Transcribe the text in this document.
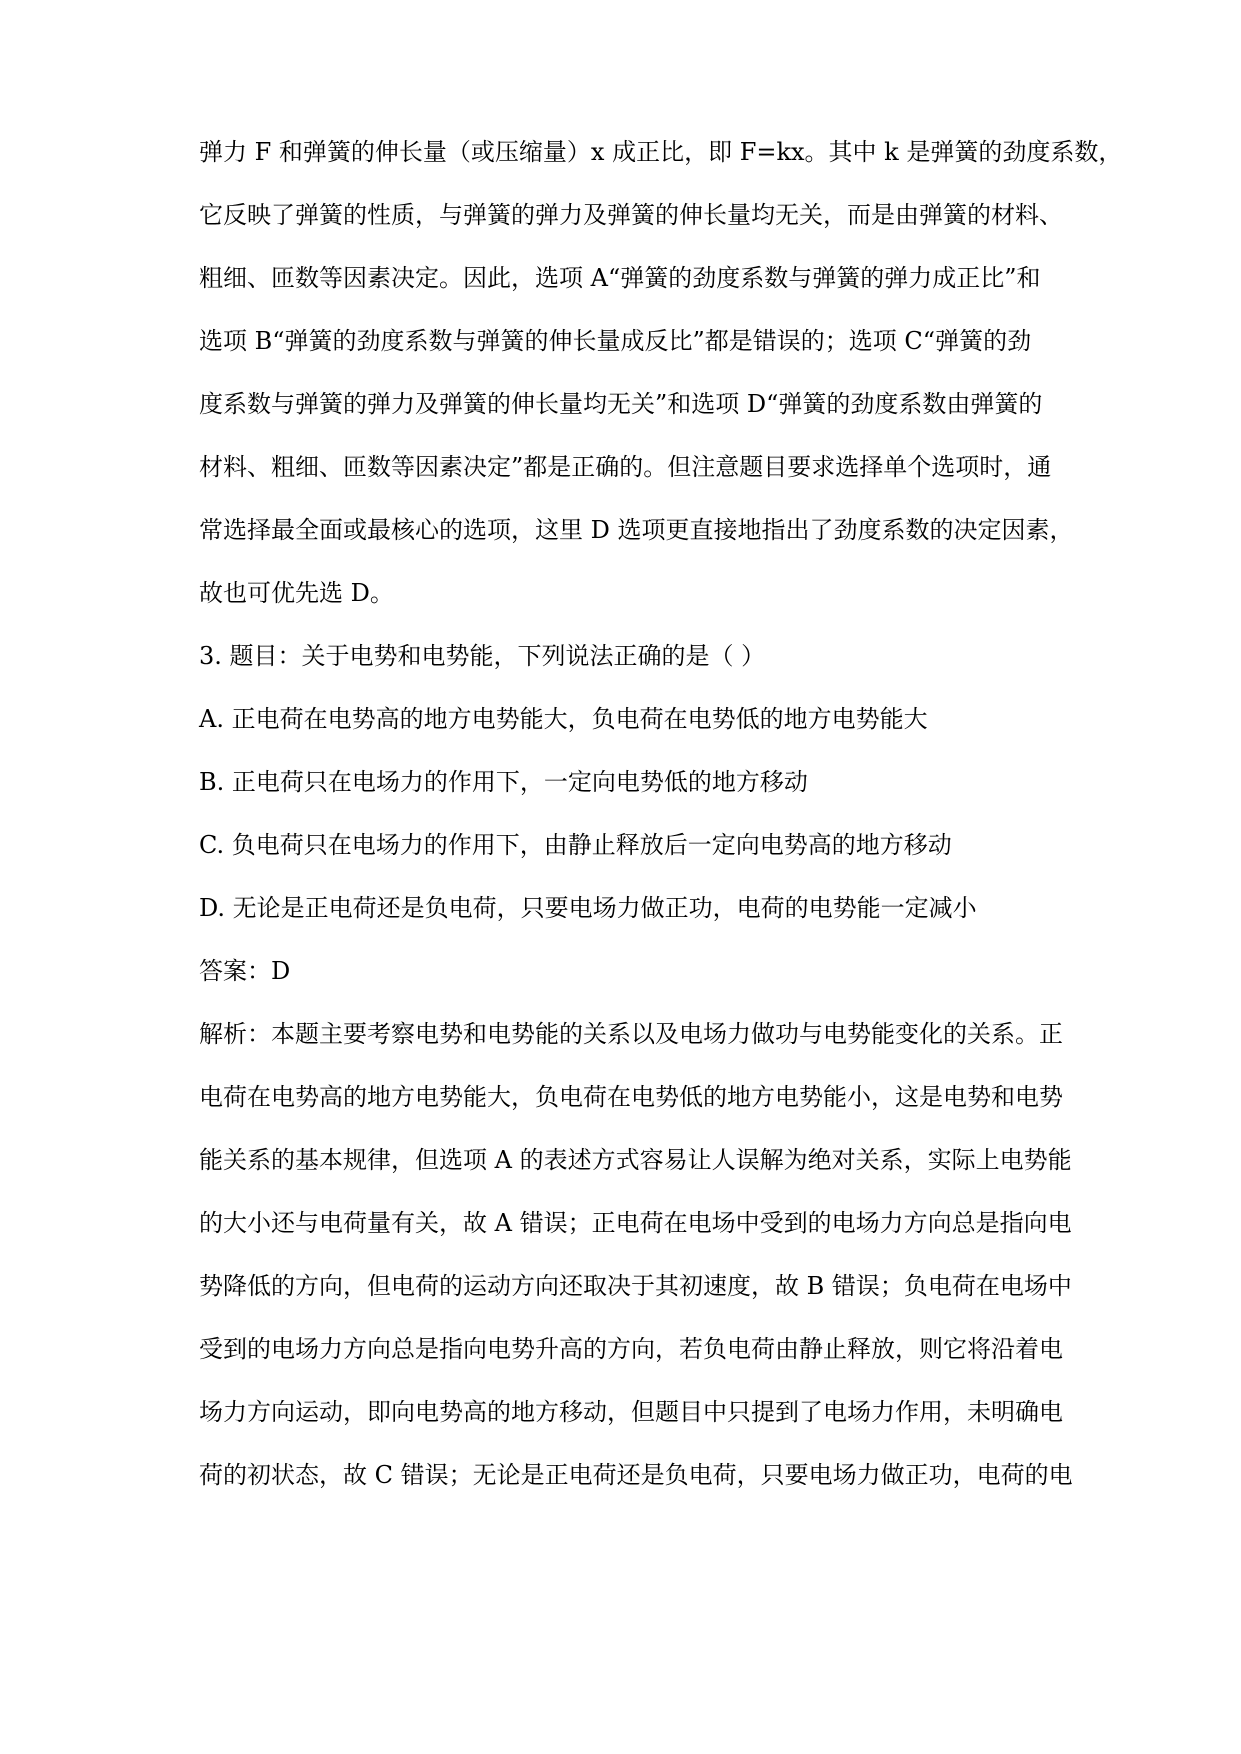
弹力 F 和弹簧的伸长量（或压缩量）x 成正比，即 F=kx。其中 k 是弹簧的劲度系数，
它反映了弹簧的性质，与弹簧的弹力及弹簧的伸长量均无关，而是由弹簧的材料、
粗细、匝数等因素决定。因此，选项 A“弹簧的劲度系数与弹簧的弹力成正比”和
选项 B“弹簧的劲度系数与弹簧的伸长量成反比”都是错误的；选项 C“弹簧的劲
度系数与弹簧的弹力及弹簧的伸长量均无关”和选项 D“弹簧的劲度系数由弹簧的
材料、粗细、匝数等因素决定”都是正确的。但注意题目要求选择单个选项时，通
常选择最全面或最核心的选项，这里 D 选项更直接地指出了劲度系数的决定因素，
故也可优先选 D。
3. 题目：关于电势和电势能，下列说法正确的是（ ）
A. 正电荷在电势高的地方电势能大，负电荷在电势低的地方电势能大
B. 正电荷只在电场力的作用下，一定向电势低的地方移动
C. 负电荷只在电场力的作用下，由静止释放后一定向电势高的地方移动
D. 无论是正电荷还是负电荷，只要电场力做正功，电荷的电势能一定减小
答案：D
解析：本题主要考察电势和电势能的关系以及电场力做功与电势能变化的关系。正
电荷在电势高的地方电势能大，负电荷在电势低的地方电势能小，这是电势和电势
能关系的基本规律，但选项 A 的表述方式容易让人误解为绝对关系，实际上电势能
的大小还与电荷量有关，故 A 错误；正电荷在电场中受到的电场力方向总是指向电
势降低的方向，但电荷的运动方向还取决于其初速度，故 B 错误；负电荷在电场中
受到的电场力方向总是指向电势升高的方向，若负电荷由静止释放，则它将沿着电
场力方向运动，即向电势高的地方移动，但题目中只提到了电场力作用，未明确电
荷的初状态，故 C 错误；无论是正电荷还是负电荷，只要电场力做正功，电荷的电
